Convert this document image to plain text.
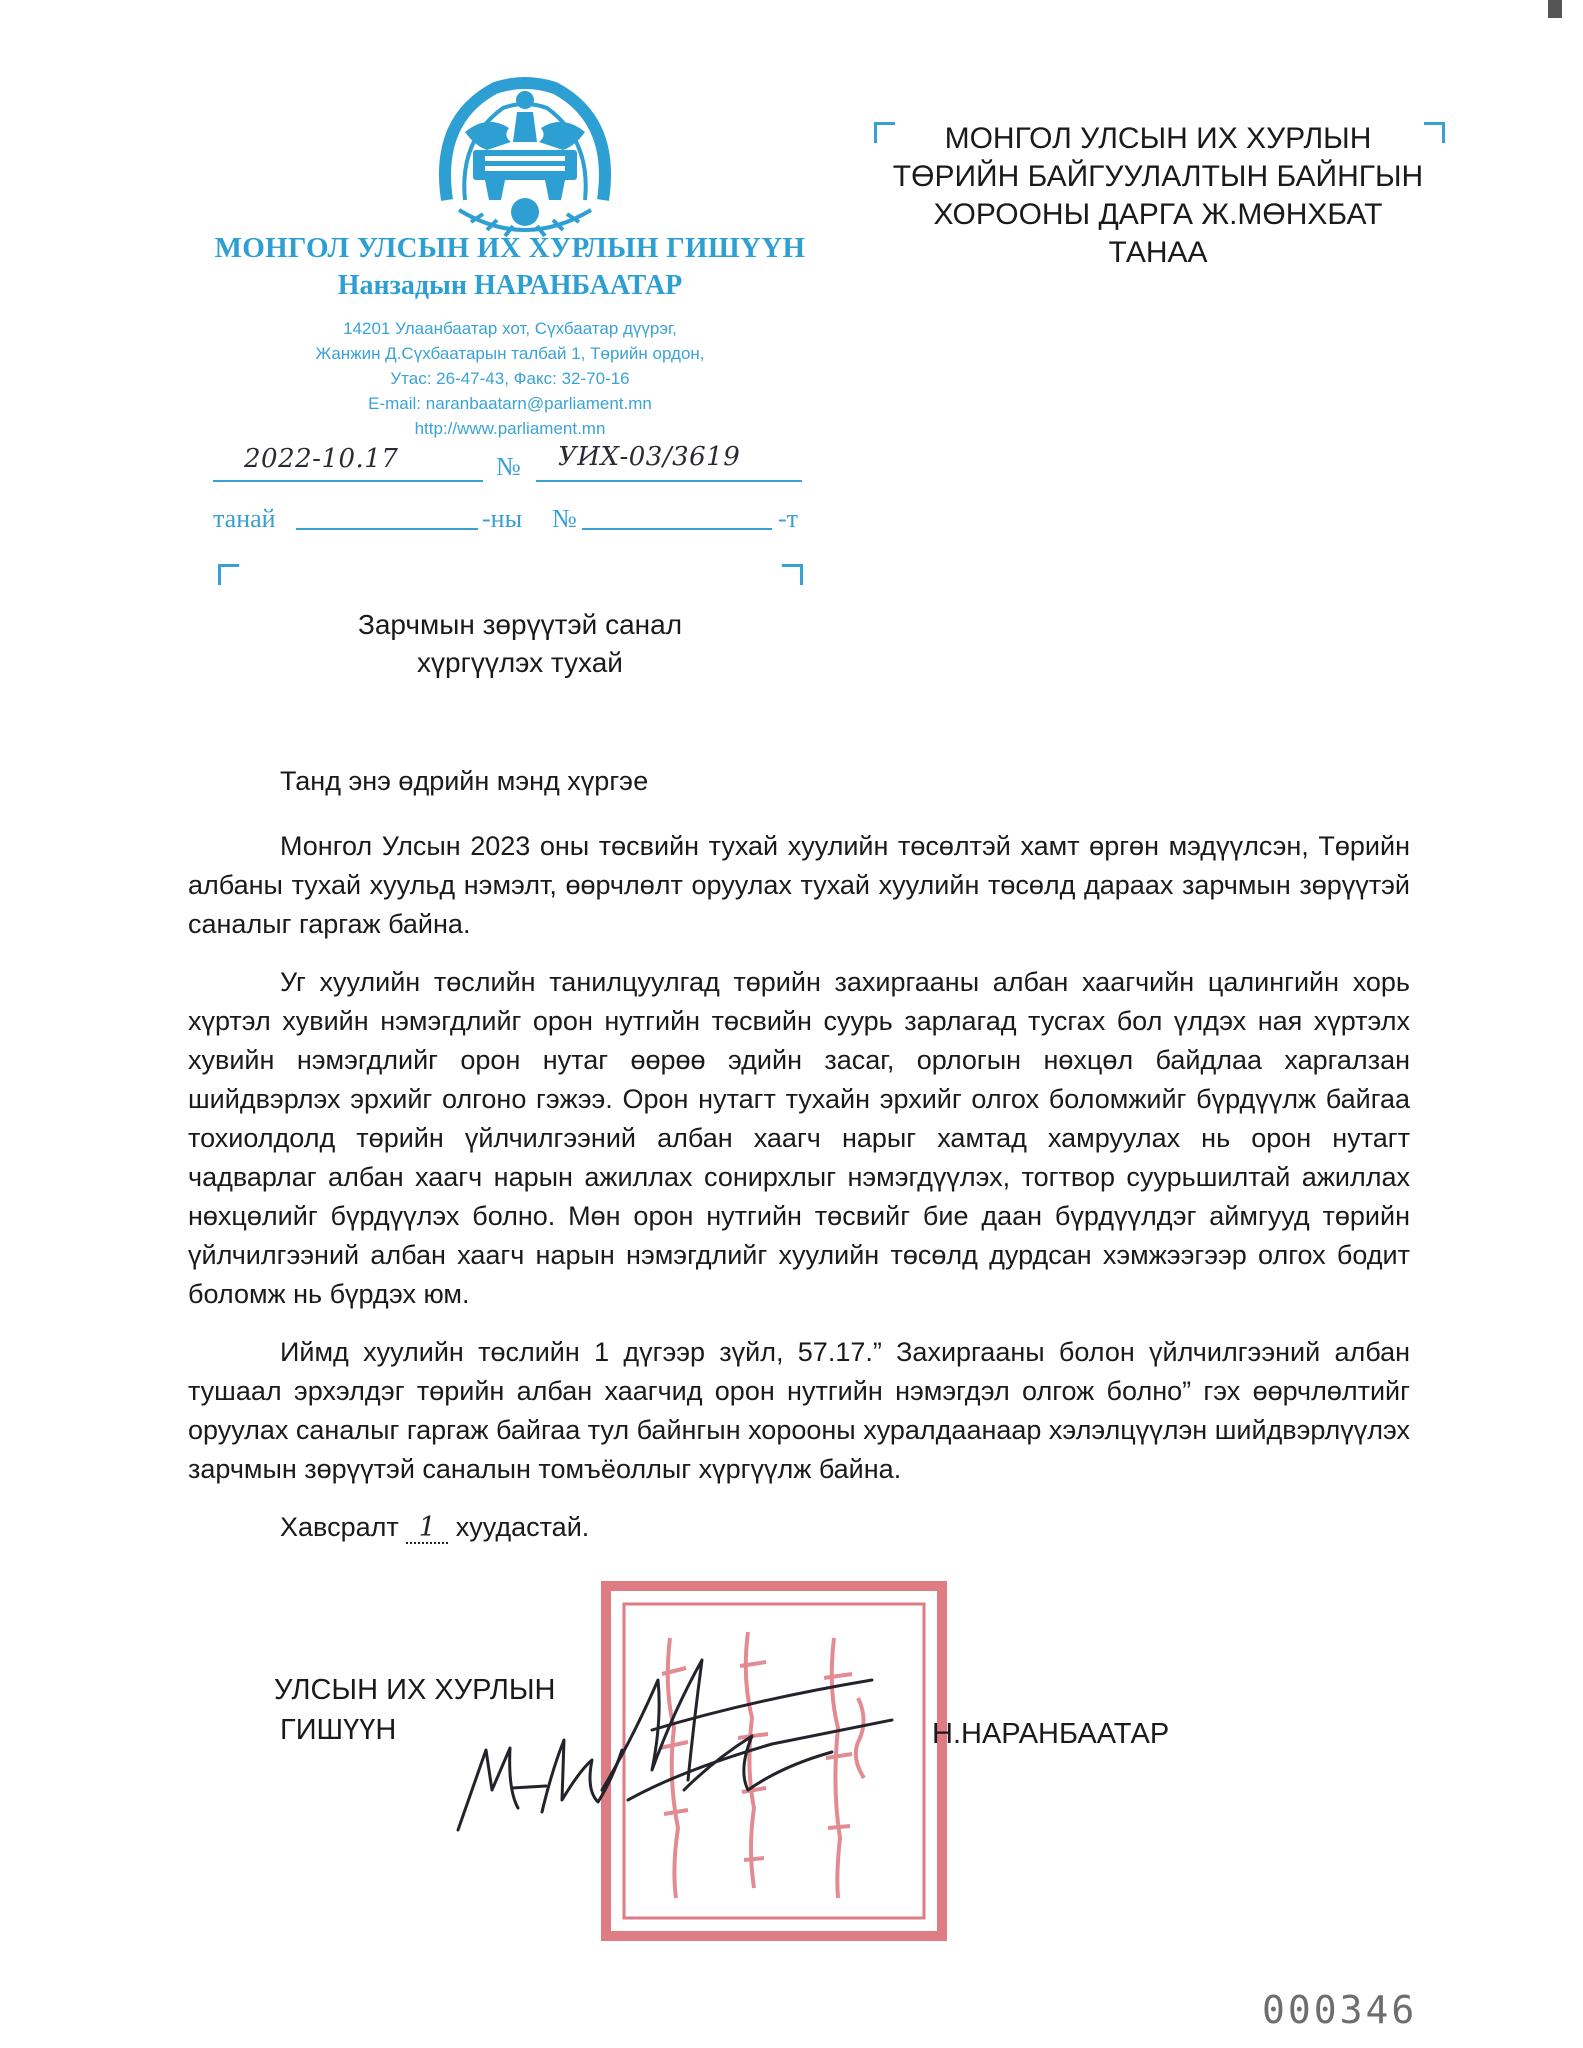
МОНГОЛ УЛСЫН ИХ ХУРЛЫН ГИШҮҮН
Нанзадын НАРАНБААТАР
14201 Улаанбаатар хот, Сүхбаатар дүүрэг,
Жанжин Д.Сүхбаатарын талбай 1, Төрийн ордон,
Утас: 26-47-43, Факс: 32-70-16
E-mail: naranbaatarn@parliament.mn
http://www.parliament.mn
2022-10.17	№ УИХ-03/3619
танай	-ны №	-т
МОНГОЛ УЛСЫН ИХ ХУРЛЫН
ТӨРИЙН БАЙГУУЛАЛТЫН БАЙНГЫН
ХОРООНЫ ДАРГА Ж.МӨНХБАТ
ТАНАА
Зарчмын зөрүүтэй санал
хүргүүлэх тухай

Танд энэ өдрийн мэнд хүргэе

Монгол Улсын 2023 оны төсвийн тухай хуулийн төсөлтэй хамт өргөн мэдүүлсэн, Төрийн албаны тухай хуульд нэмэлт, өөрчлөлт оруулах тухай хуулийн төсөлд дараах зарчмын зөрүүтэй саналыг гаргаж байна.

Уг хуулийн төслийн танилцуулгад төрийн захиргааны албан хаагчийн цалингийн хорь хүртэл хувийн нэмэгдлийг орон нутгийн төсвийн суурь зарлагад тусгах бол үлдэх ная хүртэлх хувийн нэмэгдлийг орон нутаг өөрөө эдийн засаг, орлогын нөхцөл байдлаа харгалзан шийдвэрлэх эрхийг олгоно гэжээ. Орон нутагт тухайн эрхийг олгох боломжийг бүрдүүлж байгаа тохиолдолд төрийн үйлчилгээний албан хаагч нарыг хамтад хамруулах нь орон нутагт чадварлаг албан хаагч нарын ажиллах сонирхлыг нэмэгдүүлэх, тогтвор суурьшилтай ажиллах нөхцөлийг бүрдүүлэх болно. Мөн орон нутгийн төсвийг бие даан бүрдүүлдэг аймгууд төрийн үйлчилгээний албан хаагч нарын нэмэгдлийг хуулийн төсөлд дурдсан хэмжээгээр олгох бодит боломж нь бүрдэх юм.

Иймд хуулийн төслийн 1 дүгээр зүйл, 57.17.” Захиргааны болон үйлчилгээний албан тушаал эрхэлдэг төрийн албан хаагчид орон нутгийн нэмэгдэл олгож болно” гэх өөрчлөлтийг оруулах саналыг гаргаж байгаа тул байнгын хорооны хуралдаанаар хэлэлцүүлэн шийдвэрлүүлэх зарчмын зөрүүтэй саналын томъёоллыг хүргүүлж байна.

Хавсралт 1 хуудастай.

УЛСЫН ИХ ХУРЛЫН
ГИШҮҮН	Н.НАРАНБААТАР
000346
